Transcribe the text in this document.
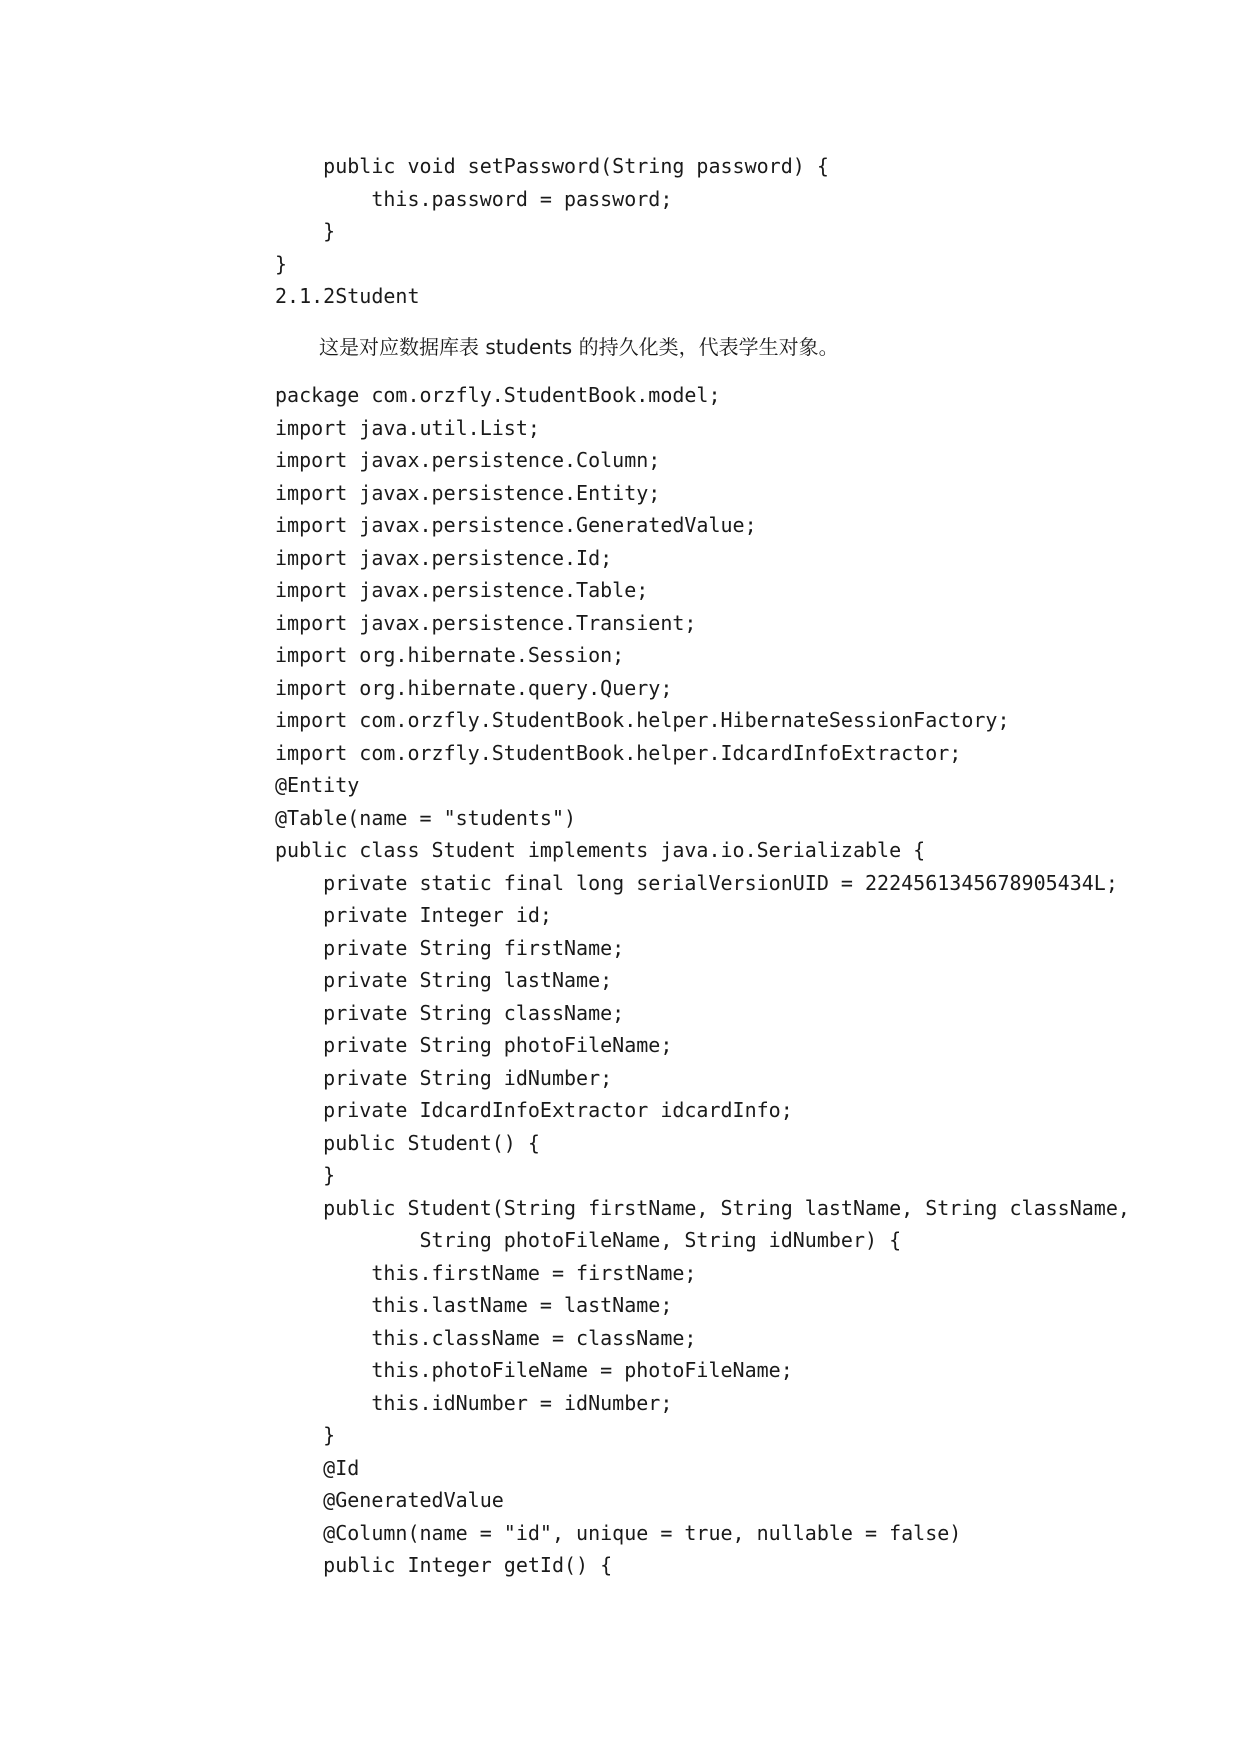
public void setPassword(String password) {
this.password = password;
}
}
2.1.2Student
这是对应数据库表 students 的持久化类，代表学生对象。
package com.orzfly.StudentBook.model;
import java.util.List;
import javax.persistence.Column;
import javax.persistence.Entity;
import javax.persistence.GeneratedValue;
import javax.persistence.Id;
import javax.persistence.Table;
import javax.persistence.Transient;
import org.hibernate.Session;
import org.hibernate.query.Query;
import com.orzfly.StudentBook.helper.HibernateSessionFactory;
import com.orzfly.StudentBook.helper.IdcardInfoExtractor;
@Entity
@Table(name = "students")
public class Student implements java.io.Serializable {
private static final long serialVersionUID = 2224561345678905434L;
private Integer id;
private String firstName;
private String lastName;
private String className;
private String photoFileName;
private String idNumber;
private IdcardInfoExtractor idcardInfo;
public Student() {
}
public Student(String firstName, String lastName, String className,
String photoFileName, String idNumber) {
this.firstName = firstName;
this.lastName = lastName;
this.className = className;
this.photoFileName = photoFileName;
this.idNumber = idNumber;
}
@Id
@GeneratedValue
@Column(name = "id", unique = true, nullable = false)
public Integer getId() {
